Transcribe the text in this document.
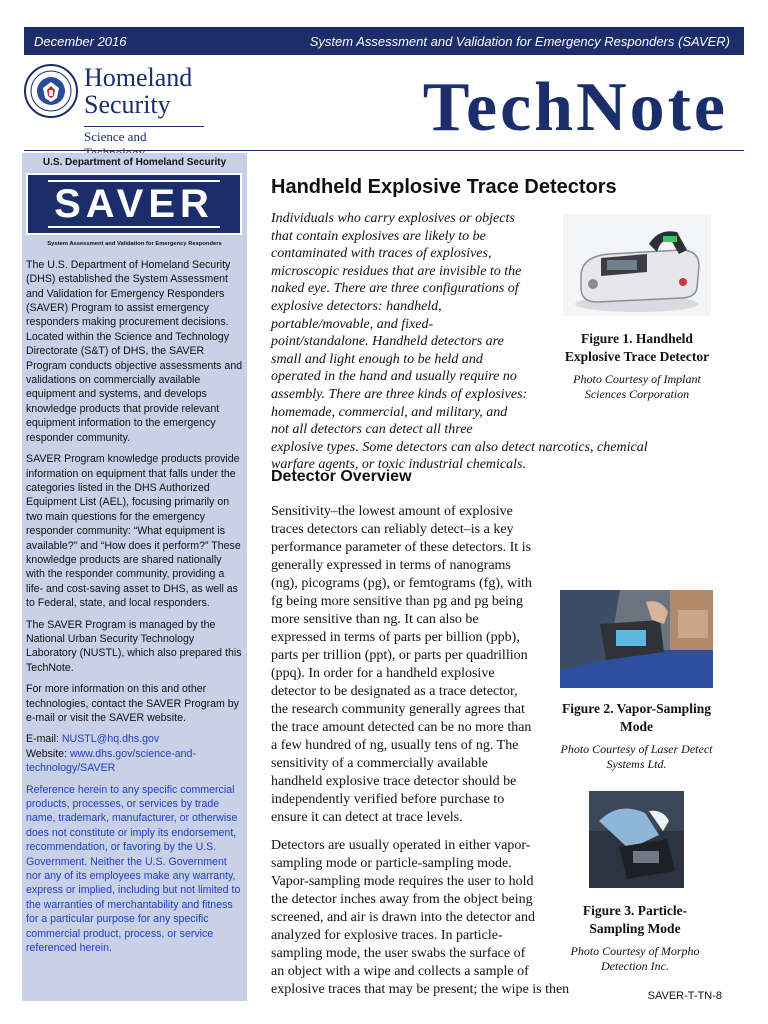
December 2016	System Assessment and Validation for Emergency Responders (SAVER)
Homeland
Security
Science and	TechNote
U.S. Department of Homeland Security
SAVER
System Assessment and Validation for Emergency Responders

The U.S. Department of Homeland Security (DHS) established the System Assessment and Validation for Emergency Responders (SAVER) Program to assist emergency responders making procurement decisions. Located within the Science and Technology Directorate (S&T) of DHS, the SAVER Program conducts objective assessments and validations on commercially available equipment and systems, and develops knowledge products that provide relevant equipment information to the emergency responder community.

SAVER Program knowledge products provide information on equipment that falls under the categories listed in the DHS Authorized Equipment List (AEL), focusing primarily on two main questions for the emergency responder community: “What equipment is available?” and “How does it perform?” These knowledge products are shared nationally with the responder community, providing a life- and cost-saving asset to DHS, as well as to Federal, state, and local responders.

The SAVER Program is managed by the National Urban Security Technology Laboratory (NUSTL), which also prepared this TechNote.

For more information on this and other technologies, contact the SAVER Program by e-mail or visit the SAVER website.

E-mail: NUSTL@hq.dhs.gov
Website: www.dhs.gov/science-and-technology/SAVER

Reference herein to any specific commercial products, processes, or services by trade name, trademark, manufacturer, or otherwise does not constitute or imply its endorsement, recommendation, or favoring by the U.S. Government. Neither the U.S. Government nor any of its employees make any warranty, express or implied, including but not limited to the warranties of merchantability and fitness for a particular purpose for any specific commercial product, process, or service referenced herein.

Handheld Explosive Trace Detectors
Individuals who carry explosives or objects that contain explosives are likely to be contaminated with traces of explosives, microscopic residues that are invisible to the naked eye. There are three configurations of explosive detectors: handheld, portable/movable, and fixed-point/standalone. Handheld detectors are small and light enough to be held and operated in the hand and usually require no assembly. There are three kinds of explosives: homemade, commercial, and military, and not all detectors can detect all three explosive types. Some detectors can also detect narcotics, chemical warfare agents, or toxic industrial chemicals.
Detector Overview

Sensitivity–the lowest amount of explosive traces detectors can reliably detect–is a key performance parameter of these detectors. It is generally expressed in terms of nanograms (ng), picograms (pg), or femtograms (fg), with fg being more sensitive than pg and pg being more sensitive than ng. It can also be expressed in terms of parts per billion (ppb), parts per trillion (ppt), or parts per quadrillion (ppq). In order for a handheld explosive detector to be designated as a trace detector, the research community generally agrees that the trace amount detected can be no more than a few hundred of ng, usually tens of ng. The sensitivity of a commercially available handheld explosive trace detector should be independently verified before purchase to ensure it can detect at trace levels.

Detectors are usually operated in either vapor-sampling mode or particle-sampling mode. Vapor-sampling mode requires the user to hold the detector inches away from the object being screened, and air is drawn into the detector and analyzed for explosive traces. In particle-sampling mode, the user swabs the surface of an object with a wipe and collects a sample of explosive traces that may be present; the wipe is then

Figure 1. Handheld Explosive Trace Detector
Photo Courtesy of Implant Sciences Corporation
Figure 2. Vapor-Sampling Mode
Photo Courtesy of Laser Detect Systems Ltd.
Figure 3. Particle-Sampling Mode
Photo Courtesy of Morpho Detection Inc.
SAVER-T-TN-8
